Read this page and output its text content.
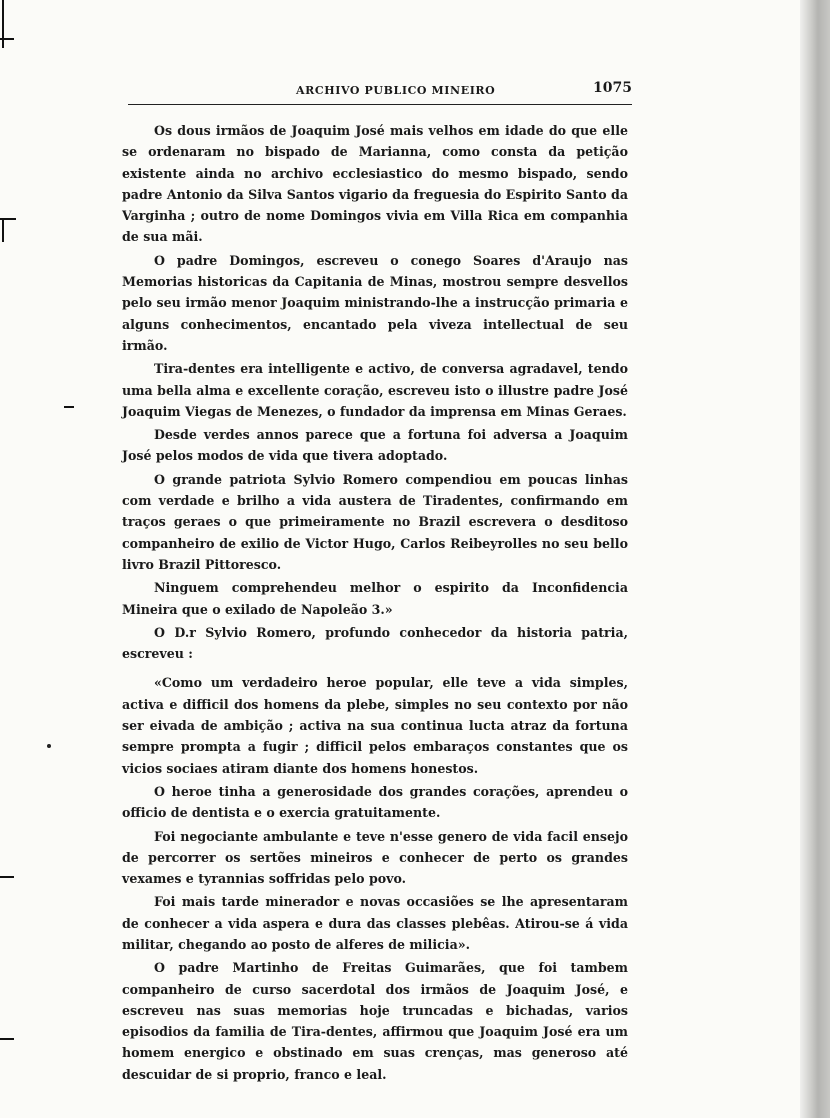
ARCHIVO PUBLICO MINEIRO	1075

Os dous irmãos de Joaquim José mais velhos em idade do que elle se ordenaram no bispado de Marianna, como consta da petição existente ainda no archivo ecclesiastico do mesmo bispado, sendo padre Antonio da Silva Santos vigario da freguesia do Espirito Santo da Varginha ; outro de nome Domingos vivia em Villa Rica em companhia de sua mãi.

O padre Domingos, escreveu o conego Soares d'Araujo nas Memorias historicas da Capitania de Minas, mostrou sempre desvellos pelo seu irmão menor Joaquim ministrando-lhe a instrucção primaria e alguns conhecimentos, encantado pela viveza intellectual de seu irmão.

Tira-dentes era intelligente e activo, de conversa agradavel, tendo uma bella alma e excellente coração, escreveu isto o illustre padre José Joaquim Viegas de Menezes, o fundador da imprensa em Minas Geraes.

Desde verdes annos parece que a fortuna foi adversa a Joaquim José pelos modos de vida que tivera adoptado.

O grande patriota Sylvio Romero compendiou em poucas linhas com verdade e brilho a vida austera de Tiradentes, confirmando em traços geraes o que primeiramente no Brazil escrevera o desditoso companheiro de exilio de Victor Hugo, Carlos Reibeyrolles no seu bello livro Brazil Pittoresco.

Ninguem comprehendeu melhor o espirito da Inconfidencia Mineira que o exilado de Napoleão 3.»

O D.r Sylvio Romero, profundo conhecedor da historia patria, escreveu :

«Como um verdadeiro heroe popular, elle teve a vida simples, activa e difficil dos homens da plebe, simples no seu contexto por não ser eivada de ambição ; activa na sua continua lucta atraz da fortuna sempre prompta a fugir ; difficil pelos embaraços constantes que os vicios sociaes atiram diante dos homens honestos.

O heroe tinha a generosidade dos grandes corações, aprendeu o officio de dentista e o exercia gratuitamente.

Foi negociante ambulante e teve n'esse genero de vida facil ensejo de percorrer os sertões mineiros e conhecer de perto os grandes vexames e tyrannias soffridas pelo povo.

Foi mais tarde minerador e novas occasiões se lhe apresentaram de conhecer a vida aspera e dura das classes plebêas. Atirou-se á vida militar, chegando ao posto de alferes de milicia».

O padre Martinho de Freitas Guimarães, que foi tambem companheiro de curso sacerdotal dos irmãos de Joaquim José, e escreveu nas suas memorias hoje truncadas e bichadas, varios episodios da familia de Tira-dentes, affirmou que Joaquim José era um homem energico e obstinado em suas crenças, mas generoso até descuidar de si proprio, franco e leal.
